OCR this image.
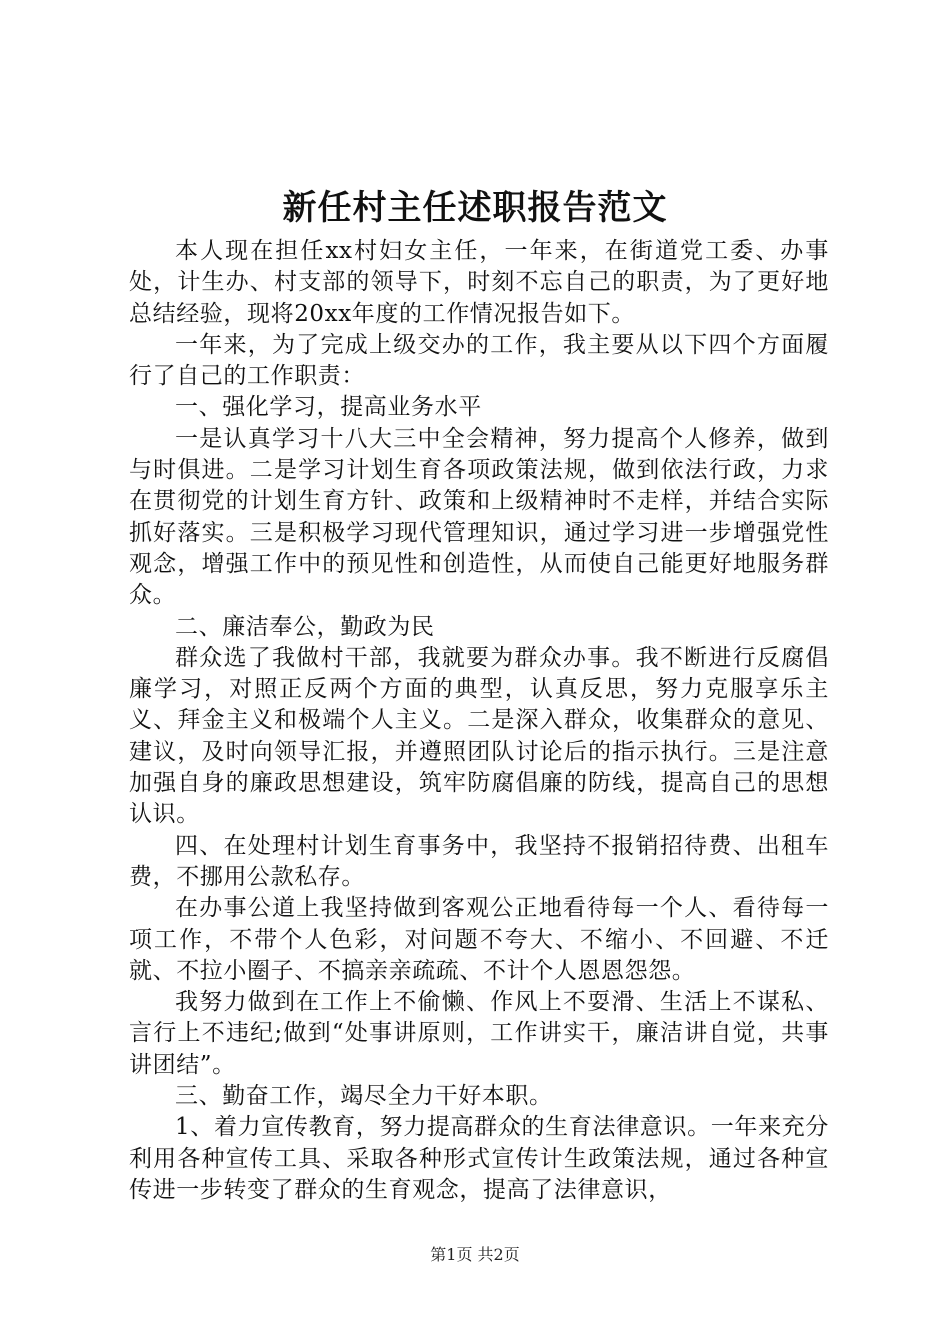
新任村主任述职报告范文

本人现在担任xx村妇女主任，一年来，在街道党工委、办事处，计生办、村支部的领导下，时刻不忘自己的职责，为了更好地总结经验，现将20xx年度的工作情况报告如下。

一年来，为了完成上级交办的工作，我主要从以下四个方面履行了自己的工作职责：

一、强化学习，提高业务水平

一是认真学习十八大三中全会精神，努力提高个人修养，做到与时俱进。二是学习计划生育各项政策法规，做到依法行政，力求在贯彻党的计划生育方针、政策和上级精神时不走样，并结合实际抓好落实。三是积极学习现代管理知识，通过学习进一步增强党性观念，增强工作中的预见性和创造性，从而使自己能更好地服务群众。

二、廉洁奉公，勤政为民

群众选了我做村干部，我就要为群众办事。我不断进行反腐倡廉学习，对照正反两个方面的典型，认真反思，努力克服享乐主义、拜金主义和极端个人主义。二是深入群众，收集群众的意见、建议，及时向领导汇报，并遵照团队讨论后的指示执行。三是注意加强自身的廉政思想建设，筑牢防腐倡廉的防线，提高自己的思想认识。

四、在处理村计划生育事务中，我坚持不报销招待费、出租车费，不挪用公款私存。

在办事公道上我坚持做到客观公正地看待每一个人、看待每一项工作，不带个人色彩，对问题不夸大、不缩小、不回避、不迁就、不拉小圈子、不搞亲亲疏疏、不计个人恩恩怨怨。

我努力做到在工作上不偷懒、作风上不耍滑、生活上不谋私、言行上不违纪;做到“处事讲原则，工作讲实干，廉洁讲自觉，共事讲团结”。

三、勤奋工作，竭尽全力干好本职。

1、着力宣传教育，努力提高群众的生育法律意识。一年来充分利用各种宣传工具、采取各种形式宣传计生政策法规，通过各种宣传进一步转变了群众的生育观念，提高了法律意识，

第1页 共2页
